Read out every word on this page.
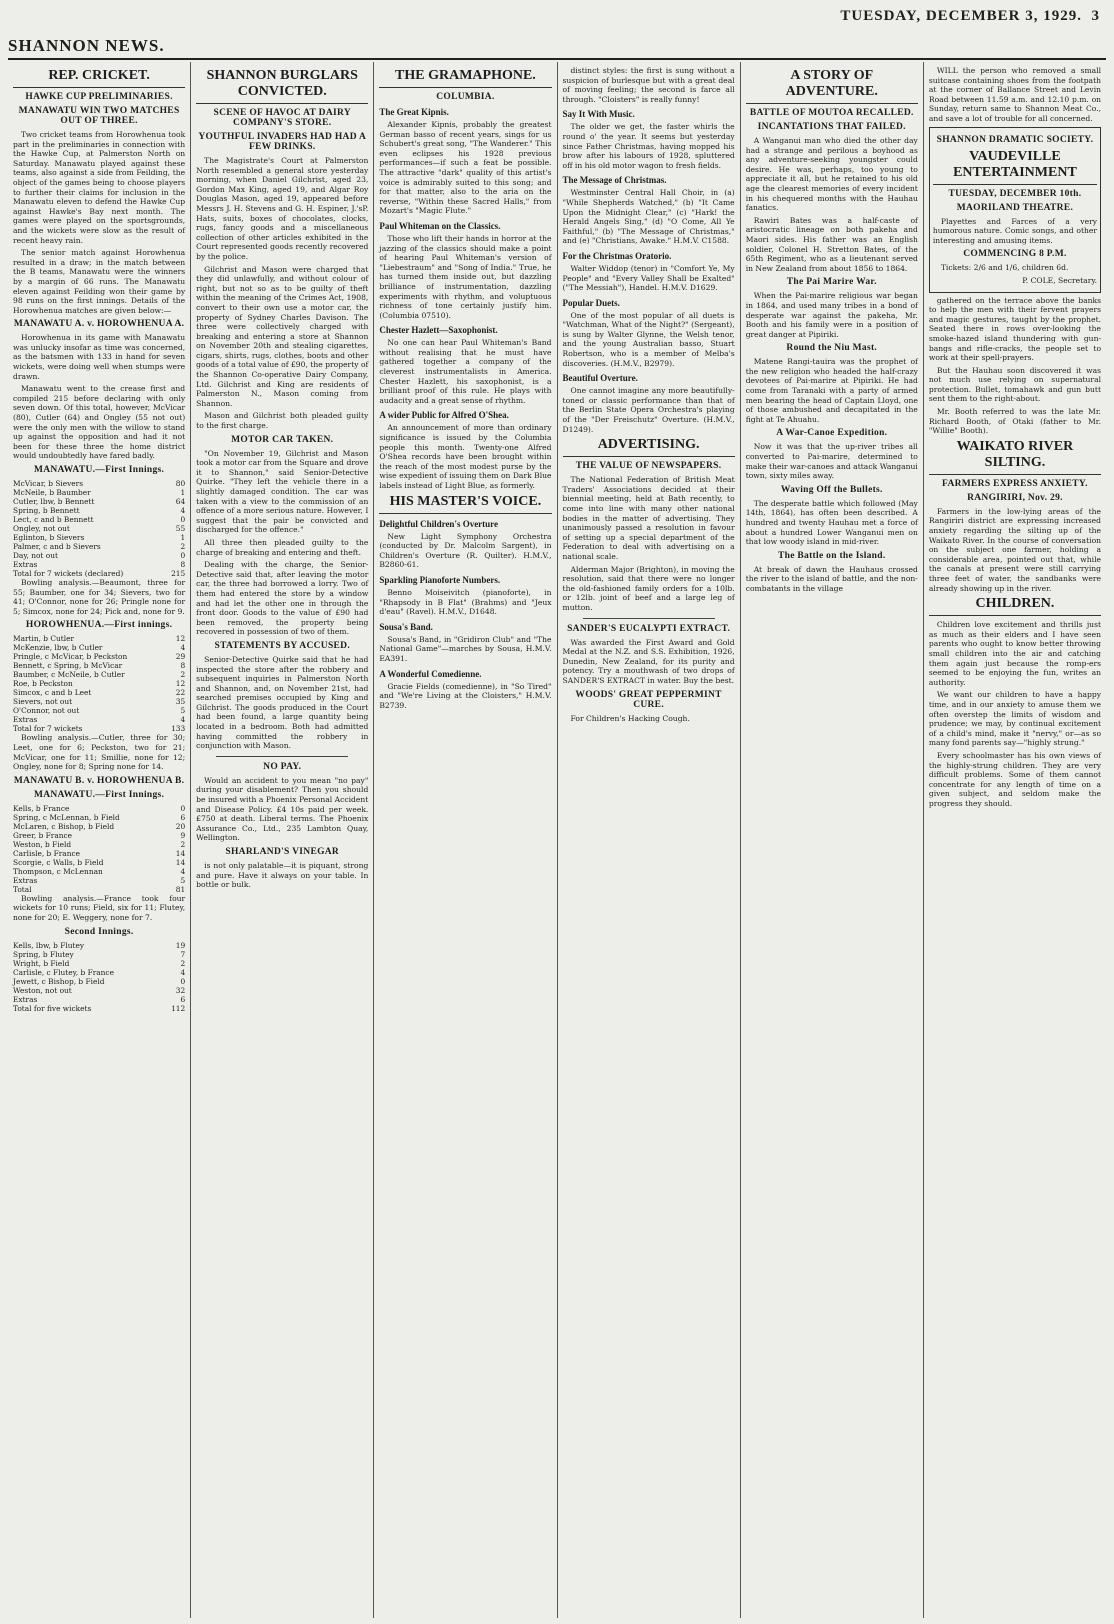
TUESDAY, DECEMBER 3, 1929. 3
SHANNON NEWS.
REP. CRICKET.
HAWKE CUP PRELIMINARIES.
MANAWATU WIN TWO MATCHES OUT OF THREE.

Two cricket teams from Horowhenua took part in the preliminaries in connection with the Hawke Cup, at Palmerston North on Saturday. Manawatu played against these teams, also against a side from Feilding, the object of the games being to choose players to further their claims for inclusion in the Manawatu eleven to defend the Hawke Cup against Hawke's Bay next month. The games were played on the sportsgrounds, and the wickets were slow as the result of recent heavy rain.

The senior match against Horowhenua resulted in a draw; in the match between the B teams, Manawatu were the winners by a margin of 66 runs. The Manawatu eleven against Feilding won their game by 98 runs on the first innings. Details of the Horowhenua matches are given below:—

MANAWATU A. v. HOROWHENUA A.

Horowhenua in its game with Manawatu was unlucky insofar as time was concerned, as the batsmen with 133 in hand for seven wickets, were doing well when stumps were drawn.

Manawatu went to the crease first and compiled 215 before declaring with only seven down. Of this total, however, McVicar (80), Cutler (64) and Ongley (55 not out) were the only men with the willow to stand up against the opposition and had it not been for these three the home district would undoubtedly have fared badly.

MANAWATU.—First Innings.
McVicar, b Sievers	80
McNeile, b Baumber	1
Cutler, lbw, b Bennett	64
Spring, b Bennett	4
Lect, c and b Bennett	0
Ongley, not out	55
Eglinton, b Sievers	1
Palmer, c and b Sievers	2
Day, not out	0
Extras	8
Total for 7 wickets (declared)	215

Bowling analysis.—Beaumont, three for 55; Baumber, one for 34; Sievers, two for 41; O'Connor, none for 26; Pringle none for 5; Simcox, none for 24; Pick and, none for 9.

HOROWHENUA.—First innings.
Martin, b Cutler	12
McKenzie, lbw, b Cutler	4
Pringle, c McVicar, b Peckston	29
Bennett, c Spring, b McVicar	8
Baumber, c McNeile, b Cutler	2
Roe, b Peckston	12
Simcox, c and b Leet	22
Sievers, not out	35
O'Connor, not out	5
Extras	4
Total for 7 wickets	133

Bowling analysis.—Cutler, three for 30; Leet, one for 6; Peckston, two for 21; McVicar, one for 11; Smillie, none for 12; Ongley, none for 8; Spring none for 14.

MANAWATU B. v. HOROWHENUA B.
MANAWATU.—First Innings.
Kells, b France	0
Spring, c McLennan, b Field	6
McLaren, c Bishop, b Field	20
Greer, b France	9
Weston, b Field	2
Carlisle, b France	14
Scorgie, c Walls, b Field	14
Thompson, c McLennan	4
Extras	5
Total	81

Bowling analysis.—France took four wickets for 10 runs; Field, six for 11; Flutey, none for 20; E. Weggery, none for 7.

Second Innings.
Kells, lbw, b Flutey	19
Spring, b Flutey	7
Wright, b Field	2
Carlisle, c Flutey, b France	4
Jewett, c Bishop, b Field	0
Weston, not out	32
Extras	6
Total for five wickets	112
SHANNON BURGLARS CONVICTED.
SCENE OF HAVOC AT DAIRY COMPANY'S STORE.
YOUTHFUL INVADERS HAD HAD A FEW DRINKS.

The Magistrate's Court at Palmerston North resembled a general store yesterday morning, when Daniel Gilchrist, aged 23, Gordon Max King, aged 19, and Algar Roy Douglas Mason, aged 19, appeared before Messrs J. H. Stevens and G. H. Espiner, J.'sP. Hats, suits, boxes of chocolates, clocks, rugs, fancy goods and a miscellaneous collection of other articles exhibited in the Court represented goods recently recovered by the police.

Gilchrist and Mason were charged that they did unlawfully, and without colour of right, but not so as to be guilty of theft within the meaning of the Crimes Act, 1908, convert to their own use a motor car, the property of Sydney Charles Davison. The three were collectively charged with breaking and entering a store at Shannon on November 20th and stealing cigarettes, cigars, shirts, rugs, clothes, boots and other goods of a total value of £90, the property of the Shannon Co-operative Dairy Company, Ltd. Gilchrist and King are residents of Palmerston N., Mason coming from Shannon.

Mason and Gilchrist both pleaded guilty to the first charge.

MOTOR CAR TAKEN.

"On November 19, Gilchrist and Mason took a motor car from the Square and drove it to Shannon," said Senior-Detective Quirke. "They left the vehicle there in a slightly damaged condition. The car was taken with a view to the commission of an offence of a more serious nature. However, I suggest that the pair be convicted and discharged for the offence."

All three then pleaded guilty to the charge of breaking and entering and theft.

Dealing with the charge, the Senior-Detective said that, after leaving the motor car, the three had borrowed a lorry. Two of them had entered the store by a window and had let the other one in through the front door. Goods to the value of £90 had been removed, the property being recovered in possession of two of them.

STATEMENTS BY ACCUSED.

Senior-Detective Quirke said that he had inspected the store after the robbery and subsequent inquiries in Palmerston North and Shannon, and, on November 21st, had searched premises occupied by King and Gilchrist. The goods produced in the Court had been found, a large quantity being located in a bedroom. Both had admitted having committed the robbery in conjunction with Mason.

NO PAY.

Would an accident to you mean "no pay" during your disablement? Then you should be insured with a Phoenix Personal Accident and Disease Policy. £4 10s paid per week. £750 at death. Liberal terms. The Phoenix Assurance Co., Ltd., 235 Lambton Quay, Wellington.

SHARLAND'S VINEGAR

is not only palatable—it is piquant, strong and pure. Have it always on your table. In bottle or bulk.

THE GRAMAPHONE.
COLUMBIA.
The Great Kipnis.

Alexander Kipnis, probably the greatest German basso of recent years, sings for us Schubert's great song, "The Wanderer." This even eclipses his 1928 previous performances—if such a feat be possible. The attractive "dark" quality of this artist's voice is admirably suited to this song; and for that matter, also to the aria on the reverse, "Within these Sacred Halls," from Mozart's "Magic Flute."

Paul Whiteman on the Classics.

Those who lift their hands in horror at the jazzing of the classics should make a point of hearing Paul Whiteman's version of "Liebestraum" and "Song of India." True, he has turned them inside out, but dazzling brilliance of instrumentation, dazzling experiments with rhythm, and voluptuous richness of tone certainly justify him. (Columbia 07510).

Chester Hazlett—Saxophonist.

No one can hear Paul Whiteman's Band without realising that he must have gathered together a company of the cleverest instrumentalists in America. Chester Hazlett, his saxophonist, is a brilliant proof of this rule. He plays with audacity and a great sense of rhythm.

A wider Public for Alfred O'Shea.

An announcement of more than ordinary significance is issued by the Columbia people this month. Twenty-one Alfred O'Shea records have been brought within the reach of the most modest purse by the wise expedient of issuing them on Dark Blue labels instead of Light Blue, as formerly.

HIS MASTER'S VOICE.
Delightful Children's Overture

New Light Symphony Orchestra (conducted by Dr. Malcolm Sargent), in Children's Overture (R. Quilter). H.M.V., B2860-61.

Sparkling Pianoforte Numbers.

Benno Moiseivitch (pianoforte), in "Rhapsody in B Flat" (Brahms) and "Jeux d'eau" (Ravel). H.M.V., D1648.

Sousa's Band.

Sousa's Band, in "Gridiron Club" and "The National Game"—marches by Sousa, H.M.V. EA391.

A Wonderful Comedienne.

Gracie Fields (comedienne), in "So Tired" and "We're Living at the Cloisters," H.M.V. B2739.

distinct styles: the first is sung without a suspicion of burlesque but with a great deal of moving feeling; the second is farce all through. "Cloisters" is really funny!

Say It With Music.

The older we get, the faster whirls the round o' the year. It seems but yesterday since Father Christmas, having mopped his brow after his labours of 1928, spluttered off in his old motor wagon to fresh fields.

The Message of Christmas.

Westminster Central Hall Choir, in (a) "While Shepherds Watched," (b) "It Came Upon the Midnight Clear," (c) "Hark! the Herald Angels Sing," (d) "O Come, All Ye Faithful," (b) "The Message of Christmas," and (e) "Christians, Awake." H.M.V. C1588.

For the Christmas Oratorio.

Walter Widdop (tenor) in "Comfort Ye, My People" and "Every Valley Shall be Exalted" ("The Messiah"), Handel. H.M.V. D1629.

Popular Duets.

One of the most popular of all duets is "Watchman, What of the Night?" (Sergeant), is sung by Walter Glynne, the Welsh tenor, and the young Australian basso, Stuart Robertson, who is a member of Melba's discoveries. (H.M.V., B2979).

Beautiful Overture.

One cannot imagine any more beautifully-toned or classic performance than that of the Berlin State Opera Orchestra's playing of the "Der Freischutz" Overture. (H.M.V., D1249).

ADVERTISING.
THE VALUE OF NEWSPAPERS.

The National Federation of British Meat Traders' Associations decided at their biennial meeting, held at Bath recently, to come into line with many other national bodies in the matter of advertising. They unanimously passed a resolution in favour of setting up a special department of the Federation to deal with advertising on a national scale.

Alderman Major (Brighton), in moving the resolution, said that there were no longer the old-fashioned family orders for a 10lb. or 12lb. joint of beef and a large leg of mutton.

SANDER'S EUCALYPTI EXTRACT.

Was awarded the First Award and Gold Medal at the N.Z. and S.S. Exhibition, 1926, Dunedin, New Zealand, for its purity and potency. Try a mouthwash of two drops of SANDER'S EXTRACT in water. Buy the best.

WOODS' GREAT PEPPERMINT CURE.

For Children's Hacking Cough.

A STORY OF ADVENTURE.
BATTLE OF MOUTOA RECALLED.
INCANTATIONS THAT FAILED.

A Wanganui man who died the other day had a strange and perilous a boyhood as any adventure-seeking youngster could desire. He was, perhaps, too young to appreciate it all, but he retained to his old age the clearest memories of every incident in his chequered months with the Hauhau fanatics.

Rawiri Bates was a half-caste of aristocratic lineage on both pakeha and Maori sides. His father was an English soldier, Colonel H. Stretton Bates, of the 65th Regiment, who as a lieutenant served in New Zealand from about 1856 to 1864.

The Pai Marire War.

When the Pai-marire religious war began in 1864, and used many tribes in a bond of desperate war against the pakeha, Mr. Booth and his family were in a position of great danger at Pipiriki.

Round the Niu Mast.

Matene Rangi-tauira was the prophet of the new religion who headed the half-crazy devotees of Pai-marire at Pipiriki. He had come from Taranaki with a party of armed men bearing the head of Captain Lloyd, one of those ambushed and decapitated in the fight at Te Ahuahu.

A War-Canoe Expedition.

Now it was that the up-river tribes all converted to Pai-marire, determined to make their war-canoes and attack Wanganui town, sixty miles away.

Waving Off the Bullets.

The desperate battle which followed (May 14th, 1864), has often been described. A hundred and twenty Hauhau met a force of about a hundred Lower Wanganui men on that low woody island in mid-river.

The Battle on the Island.

At break of dawn the Hauhaus crossed the river to the island of battle, and the non-combatants in the village

WILL the person who removed a small suitcase containing shoes from the footpath at the corner of Ballance Street and Levin Road between 11.59 a.m. and 12.10 p.m. on Sunday, return same to Shannon Meat Co., and save a lot of trouble for all concerned.

SHANNON DRAMATIC SOCIETY.
VAUDEVILLE ENTERTAINMENT
TUESDAY, DECEMBER 10th.
MAORILAND THEATRE.

Playettes and Farces of a very humorous nature. Comic songs, and other interesting and amusing items.

COMMENCING 8 P.M.

Tickets: 2/6 and 1/6, children 6d.

P. COLE, Secretary.

gathered on the terrace above the banks to help the men with their fervent prayers and magic gestures, taught by the prophet. Seated there in rows over-looking the smoke-hazed island thundering with gun-bangs and rifle-cracks, the people set to work at their spell-prayers.

But the Hauhau soon discovered it was not much use relying on supernatural protection. Bullet, tomahawk and gun butt sent them to the right-about.

Mr. Booth referred to was the late Mr. Richard Booth, of Otaki (father to Mr. "Willie" Booth).

WAIKATO RIVER SILTING.
FARMERS EXPRESS ANXIETY.
RANGIRIRI, Nov. 29.

Farmers in the low-lying areas of the Rangiriri district are expressing increased anxiety regarding the silting up of the Waikato River. In the course of conversation on the subject one farmer, holding a considerable area, pointed out that, while the canals at present were still carrying three feet of water, the sandbanks were already showing up in the river.

CHILDREN.

Children love excitement and thrills just as much as their elders and I have seen parents who ought to know better throwing small children into the air and catching them again just because the romp-ers seemed to be enjoying the fun, writes an authority.

We want our children to have a happy time, and in our anxiety to amuse them we often overstep the limits of wisdom and prudence; we may, by continual excitement of a child's mind, make it "nervy," or—as so many fond parents say—"highly strung."

Every schoolmaster has his own views of the highly-strung children. They are very difficult problems. Some of them cannot concentrate for any length of time on a given subject, and seldom make the progress they should.
